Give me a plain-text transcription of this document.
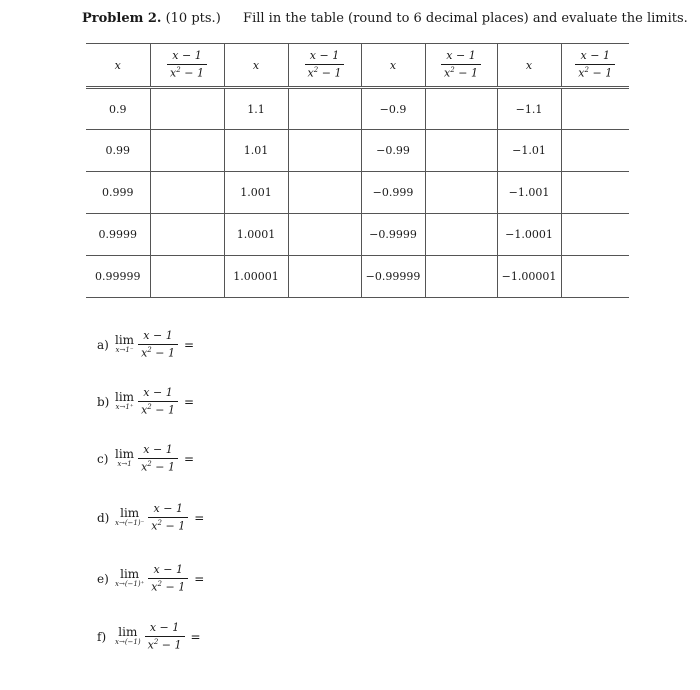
Problem 2. (10 pts.) Fill in the table (round to 6 decimal places) and evaluate the limits.
x	$\frac{x - 1}{x^2 - 1}$	x	$\frac{x - 1}{x^2 - 1}$	x	$\frac{x - 1}{x^2 - 1}$	x	$\frac{x - 1}{x^2 - 1}$

0.9		1.1		−0.9		−1.1	
0.99		1.01		−0.99		−1.01	
0.999		1.001		−0.999		−1.001	
0.9999		1.0001		−0.9999		−1.0001	
0.99999		1.00001		−0.99999		−1.00001	
a) lim
$x\to 1^- \frac{x - 1}{x^2 - 1}$ =
b) lim
$x\to 1^+ \frac{x - 1}{x^2 - 1}$ =
c) lim
$x\to 1 \frac{x - 1}{x^2 - 1}$ =
d) lim
$x\to(-1)^- \frac{x - 1}{x^2 - 1}$ =
e) lim
$x\to(-1)^+ \frac{x - 1}{x^2 - 1}$ =
f)	lim
$x\to(-1) \frac{x - 1}{x^2 - 1}$ =
